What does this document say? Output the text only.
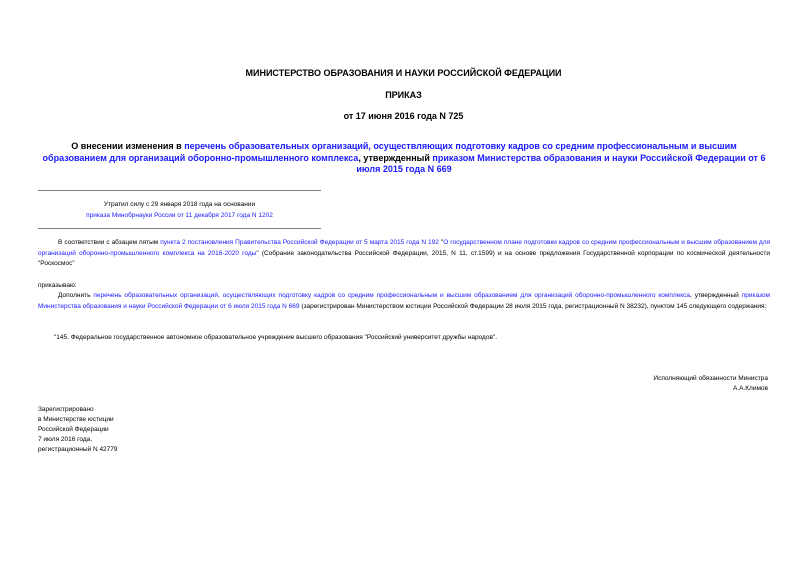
МИНИСТЕРСТВО ОБРАЗОВАНИЯ И НАУКИ РОССИЙСКОЙ ФЕДЕРАЦИИ
ПРИКАЗ
от 17 июня 2016 года N 725
О внесении изменения в перечень образовательных организаций, осуществляющих подготовку кадров со средним профессиональным и высшим образованием для организаций оборонно-промышленного комплекса, утвержденный приказом Министерства образования и науки Российской Федерации от 6 июля 2015 года N 669
Утратил силу с 29 января 2018 года на основании
приказа Минобрнауки России от 11 декабря 2017 года N 1202
В соответствии с абзацем пятым пункта 2 постановления Правительства Российской Федерации от 5 марта 2015 года N 192 "О государственном плане подготовки кадров со средним профессиональным и высшим образованием для организаций оборонно-промышленного комплекса на 2016-2020 годы" (Собрание законодательства Российской Федерации, 2015, N 11, ст.1599) и на основе предложения Государственной корпорации по космической деятельности "Роскосмос"
приказываю:
Дополнить перечень образовательных организаций, осуществляющих подготовку кадров со средним профессиональным и высшим образованием для организаций оборонно-промышленного комплекса, утвержденный приказом Министерства образования и науки Российской Федерации от 6 июля 2015 года N 669 (зарегистрирован Министерством юстиции Российской Федерации 28 июля 2015 года, регистрационный N 38232), пунктом 145 следующего содержания:
"145. Федеральное государственное автономное образовательное учреждение высшего образования "Российский университет дружбы народов".
Исполняющий обязанности Министра
А.А.Климов
Зарегистрировано
в Министерстве юстиции
Российской Федерации
7 июля 2016 года,
регистрационный N 42779
